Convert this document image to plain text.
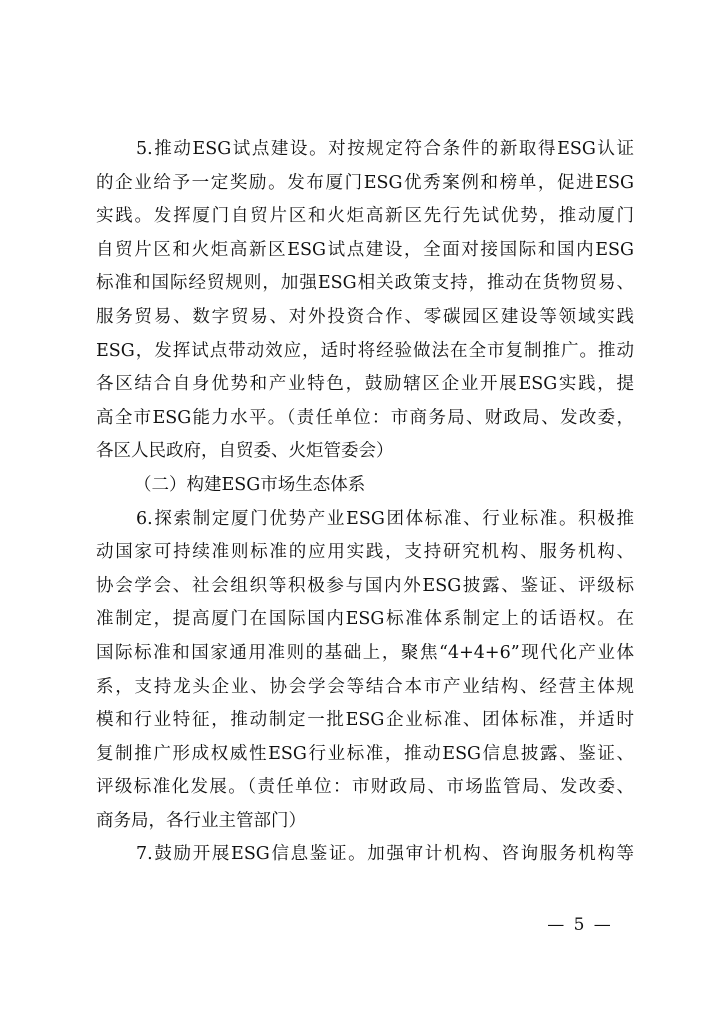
5.推动ESG试点建设。对按规定符合条件的新取得ESG认证
的企业给予一定奖励。发布厦门ESG优秀案例和榜单，促进ESG
实践。发挥厦门自贸片区和火炬高新区先行先试优势，推动厦门
自贸片区和火炬高新区ESG试点建设，全面对接国际和国内ESG
标准和国际经贸规则，加强ESG相关政策支持，推动在货物贸易、
服务贸易、数字贸易、对外投资合作、零碳园区建设等领域实践
ESG，发挥试点带动效应，适时将经验做法在全市复制推广。推动
各区结合自身优势和产业特色，鼓励辖区企业开展ESG实践，提
高全市ESG能力水平。（责任单位：市商务局、财政局、发改委，
各区人民政府，自贸委、火炬管委会）
（二）构建ESG市场生态体系
6.探索制定厦门优势产业ESG团体标准、行业标准。积极推
动国家可持续准则标准的应用实践，支持研究机构、服务机构、
协会学会、社会组织等积极参与国内外ESG披露、鉴证、评级标
准制定，提高厦门在国际国内ESG标准体系制定上的话语权。在
国际标准和国家通用准则的基础上，聚焦“4+4+6”现代化产业体
系，支持龙头企业、协会学会等结合本市产业结构、经营主体规
模和行业特征，推动制定一批ESG企业标准、团体标准，并适时
复制推广形成权威性ESG行业标准，推动ESG信息披露、鉴证、
评级标准化发展。（责任单位：市财政局、市场监管局、发改委、
商务局，各行业主管部门）
7.鼓励开展ESG信息鉴证。加强审计机构、咨询服务机构等
— 5 —
